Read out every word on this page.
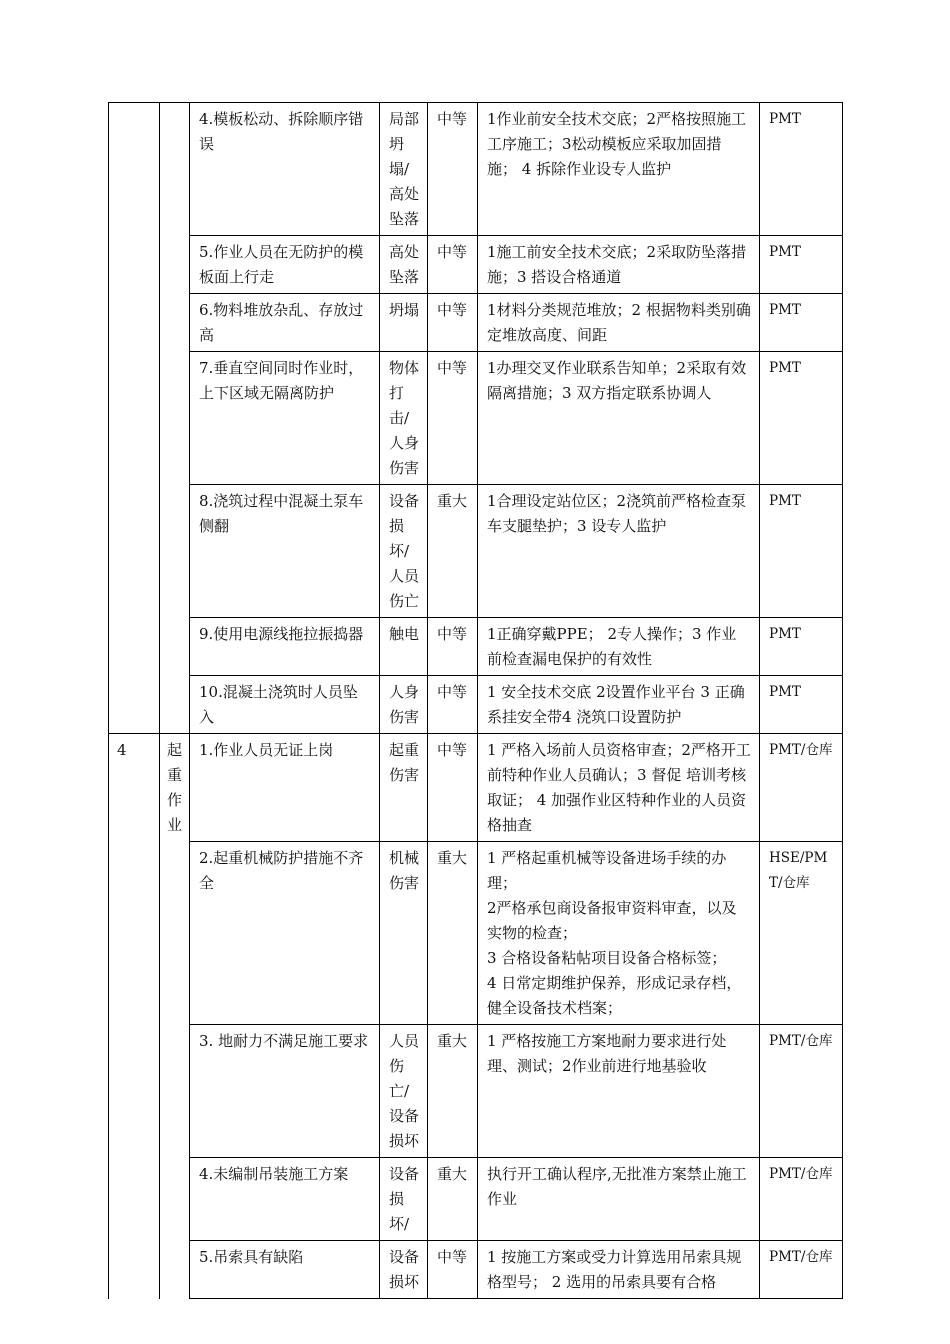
		4.模板松动、拆除顺序错误	局部坍塌/高处坠落	中等	1作业前安全技术交底；2严格按照施工工序施工；3松动模板应采取加固措施； 4 拆除作业设专人监护	PMT
		5.作业人员在无防护的模板面上行走	高处坠落	中等	1施工前安全技术交底；2采取防坠落措施；3 搭设合格通道	PMT
		6.物料堆放杂乱、存放过高	坍塌	中等	1材料分类规范堆放；2 根据物料类别确定堆放高度、间距	PMT
		7.垂直空间同时作业时，上下区域无隔离防护	物体打击/人身伤害	中等	1办理交叉作业联系告知单；2采取有效隔离措施；3 双方指定联系协调人	PMT
		8.浇筑过程中混凝土泵车侧翻	设备损坏/人员伤亡	重大	1合理设定站位区；2浇筑前严格检查泵车支腿垫护；3 设专人监护	PMT
		9.使用电源线拖拉振捣器	触电	中等	1正确穿戴PPE； 2专人操作；3 作业前检查漏电保护的有效性	PMT
		10.混凝土浇筑时人员坠入	人身伤害	中等	1 安全技术交底 2设置作业平台 3 正确系挂安全带4 浇筑口设置防护	PMT
4	起重作业	1.作业人员无证上岗	起重伤害	中等	1 严格入场前人员资格审查；2严格开工前特种作业人员确认；3 督促 培训考核取证； 4 加强作业区特种作业的人员资格抽查	PMT/仓库
		2.起重机械防护措施不齐全	机械伤害	重大	1 严格起重机械等设备进场手续的办理；
2严格承包商设备报审资料审查，以及实物的检查；
3 合格设备粘帖项目设备合格标签；
4 日常定期维护保养，形成记录存档，健全设备技术档案；	HSE/PMT/仓库
		3. 地耐力不满足施工要求	人员伤亡/设备损坏	重大	1 严格按施工方案地耐力要求进行处理、测试；2作业前进行地基验收	PMT/仓库
		4.未编制吊装施工方案	设备损坏/	重大	执行开工确认程序,无批准方案禁止施工作业	PMT/仓库
		5.吊索具有缺陷	设备损坏	中等	1 按施工方案或受力计算选用吊索具规格型号； 2 选用的吊索具要有合格	PMT/仓库
